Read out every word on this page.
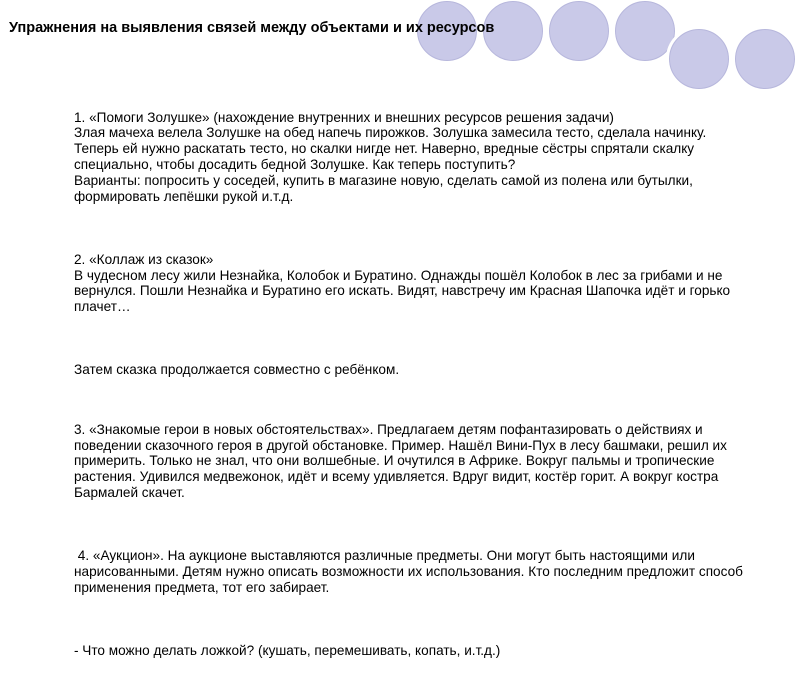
Упражнения на выявления связей между объектами и их ресурсов

1. «Помоги Золушке» (нахождение внутренних и внешних ресурсов решения задачи)
Злая мачеха велела Золушке на обед напечь пирожков. Золушка замесила тесто, сделала начинку. Теперь ей нужно раскатать тесто, но скалки нигде нет. Наверно, вредные сёстры спрятали скалку специально, чтобы досадить бедной Золушке. Как теперь поступить?
Варианты: попросить у соседей, купить в магазине новую, сделать самой из полена или бутылки, формировать лепёшки рукой и.т.д.

2. «Коллаж из сказок»
В чудесном лесу жили Незнайка, Колобок и Буратино. Однажды пошёл Колобок в лес за грибами и не вернулся. Пошли Незнайка и Буратино его искать. Видят, навстречу им Красная Шапочка идёт и горько плачет…

Затем сказка продолжается совместно с ребёнком.

3. «Знакомые герои в новых обстоятельствах». Предлагаем детям пофантазировать о действиях и поведении сказочного героя в другой обстановке. Пример. Нашёл Вини-Пух в лесу башмаки, решил их примерить. Только не знал, что они волшебные. И очутился в Африке. Вокруг пальмы и тропические растения. Удивился медвежонок, идёт и всему удивляется. Вдруг видит, костёр горит. А вокруг костра Бармалей скачет.

4. «Аукцион». На аукционе выставляются различные предметы. Они могут быть настоящими или нарисованными. Детям нужно описать возможности их использования. Кто последним предложит способ применения предмета, тот его забирает.

- Что можно делать ложкой? (кушать, перемешивать, копать, и.т.д.)
